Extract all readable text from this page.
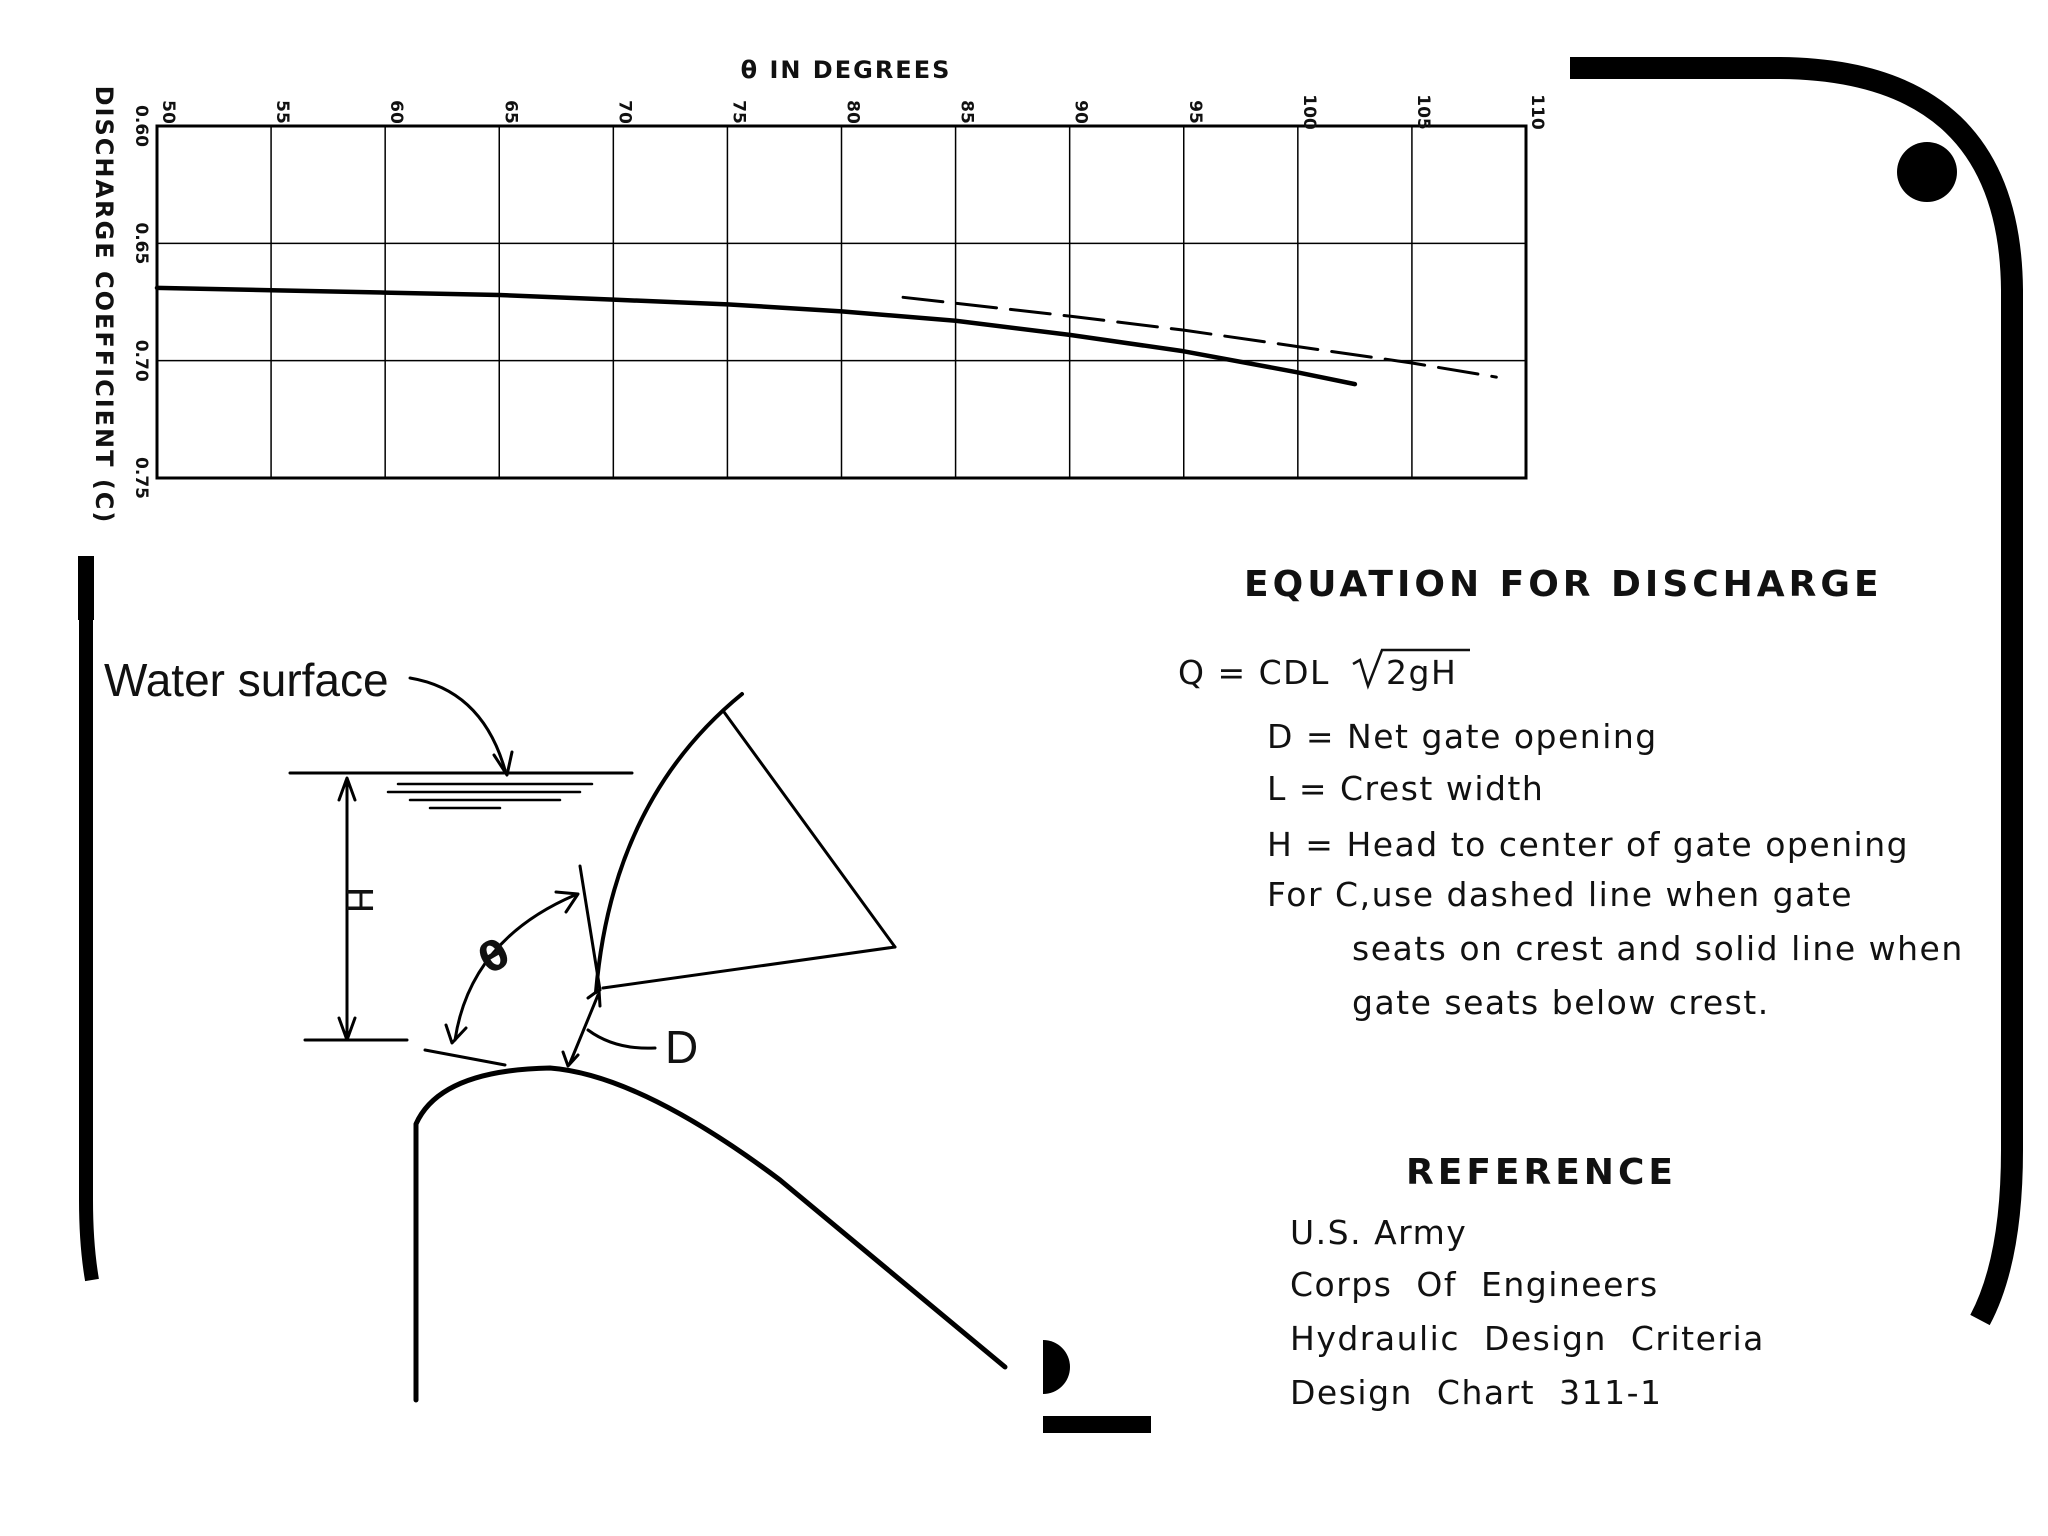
θ IN DEGREES
DISCHARGE COEFFICIENT (C) 50	55	60	65	70	75	80	85	90	95	100	105	110
0.60
0.65
0.70
0.75
Water surface
H
θ
D
EQUATION FOR DISCHARGE
Q = CDL 2gH
D = Net gate opening
L = Crest width
H = Head to center of gate opening
For C,use dashed line when gate
seats on crest and solid line when
gate seats below crest.
REFERENCE
U.S. Army
Corps  Of  Engineers
Hydraulic  Design  Criteria
Design  Chart  311-1
